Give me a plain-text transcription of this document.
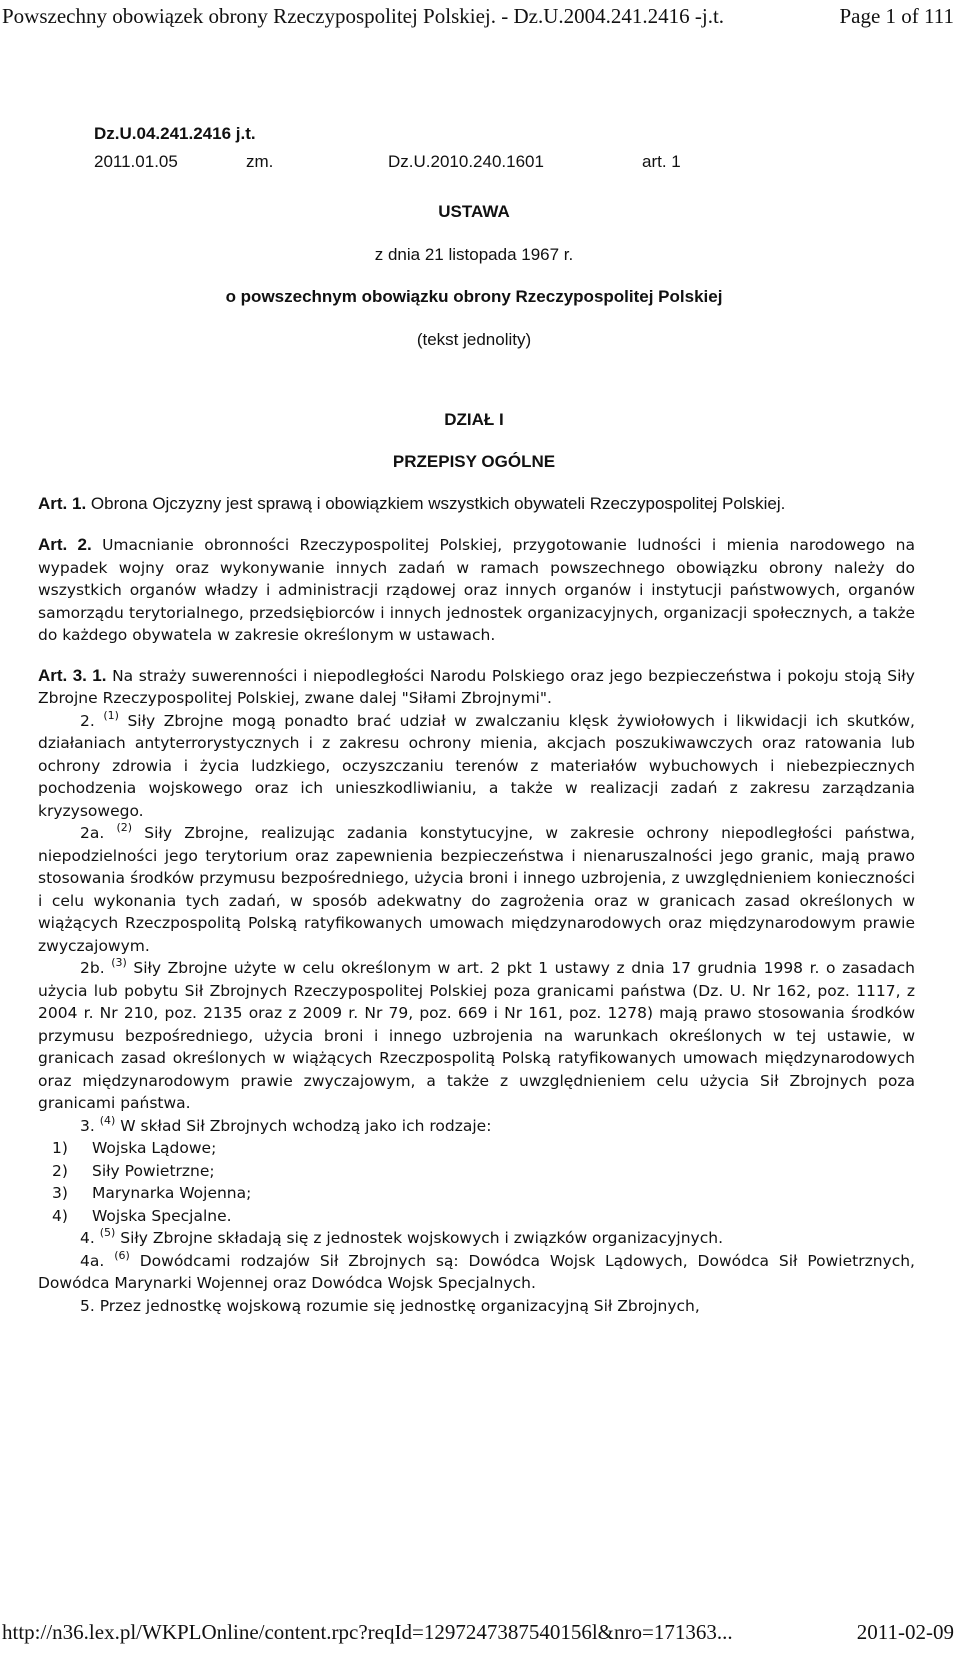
Powszechny obowiązek obrony Rzeczypospolitej Polskiej. - Dz.U.2004.241.2416 -j.t.	Page 1 of 111
Dz.U.04.241.2416 j.t.
2011.01.05	zm.	Dz.U.2010.240.1601	art. 1
USTAWA
z dnia 21 listopada 1967 r.
o powszechnym obowiązku obrony Rzeczypospolitej Polskiej
(tekst jednolity)
DZIAŁ I
PRZEPISY OGÓLNE

Art. 1. Obrona Ojczyzny jest sprawą i obowiązkiem wszystkich obywateli Rzeczypospolitej Polskiej.

Art. 2. Umacnianie obronności Rzeczypospolitej Polskiej, przygotowanie ludności i mienia narodowego na wypadek wojny oraz wykonywanie innych zadań w ramach powszechnego obowiązku obrony należy do wszystkich organów władzy i administracji rządowej oraz innych organów i instytucji państwowych, organów samorządu terytorialnego, przedsiębiorców i innych jednostek organizacyjnych, organizacji społecznych, a także do każdego obywatela w zakresie określonym w ustawach.

Art. 3. 1. Na straży suwerenności i niepodległości Narodu Polskiego oraz jego bezpieczeństwa i pokoju stoją Siły Zbrojne Rzeczypospolitej Polskiej, zwane dalej "Siłami Zbrojnymi".

2. $^{(1)}$ Siły Zbrojne mogą ponadto brać udział w zwalczaniu klęsk żywiołowych i likwidacji ich skutków, działaniach antyterrorystycznych i z zakresu ochrony mienia, akcjach poszukiwawczych oraz ratowania lub ochrony zdrowia i życia ludzkiego, oczyszczaniu terenów z materiałów wybuchowych i niebezpiecznych pochodzenia wojskowego oraz ich unieszkodliwianiu, a także w realizacji zadań z zakresu zarządzania kryzysowego.

2a. $^{(2)}$ Siły Zbrojne, realizując zadania konstytucyjne, w zakresie ochrony niepodległości państwa, niepodzielności jego terytorium oraz zapewnienia bezpieczeństwa i nienaruszalności jego granic, mają prawo stosowania środków przymusu bezpośredniego, użycia broni i innego uzbrojenia, z uwzględnieniem konieczności i celu wykonania tych zadań, w sposób adekwatny do zagrożenia oraz w granicach zasad określonych w wiążących Rzeczpospolitą Polską ratyfikowanych umowach międzynarodowych oraz międzynarodowym prawie zwyczajowym.

2b. $^{(3)}$ Siły Zbrojne użyte w celu określonym w art. 2 pkt 1 ustawy z dnia 17 grudnia 1998 r. o zasadach użycia lub pobytu Sił Zbrojnych Rzeczypospolitej Polskiej poza granicami państwa (Dz. U. Nr 162, poz. 1117, z 2004 r. Nr 210, poz. 2135 oraz z 2009 r. Nr 79, poz. 669 i Nr 161, poz. 1278) mają prawo stosowania środków przymusu bezpośredniego, użycia broni i innego uzbrojenia na warunkach określonych w tej ustawie, w granicach zasad określonych w wiążących Rzeczpospolitą Polską ratyfikowanych umowach międzynarodowych oraz międzynarodowym prawie zwyczajowym, a także z uwzględnieniem celu użycia Sił Zbrojnych poza granicami państwa.

3. $^{(4)}$ W skład Sił Zbrojnych wchodzą jako ich rodzaje:

1)	Wojska Lądowe;
2)	Siły Powietrzne;
3)	Marynarka Wojenna;
4)	Wojska Specjalne.

4. $^{(5)}$ Siły Zbrojne składają się z jednostek wojskowych i związków organizacyjnych.

4a. $^{(6)}$ Dowódcami rodzajów Sił Zbrojnych są: Dowódca Wojsk Lądowych, Dowódca Sił Powietrznych, Dowódca Marynarki Wojennej oraz Dowódca Wojsk Specjalnych.

5. Przez jednostkę wojskową rozumie się jednostkę organizacyjną Sił Zbrojnych,

http://n36.lex.pl/WKPLOnline/content.rpc?reqId=1297247387540156l&nro=171363...	2011-02-09
